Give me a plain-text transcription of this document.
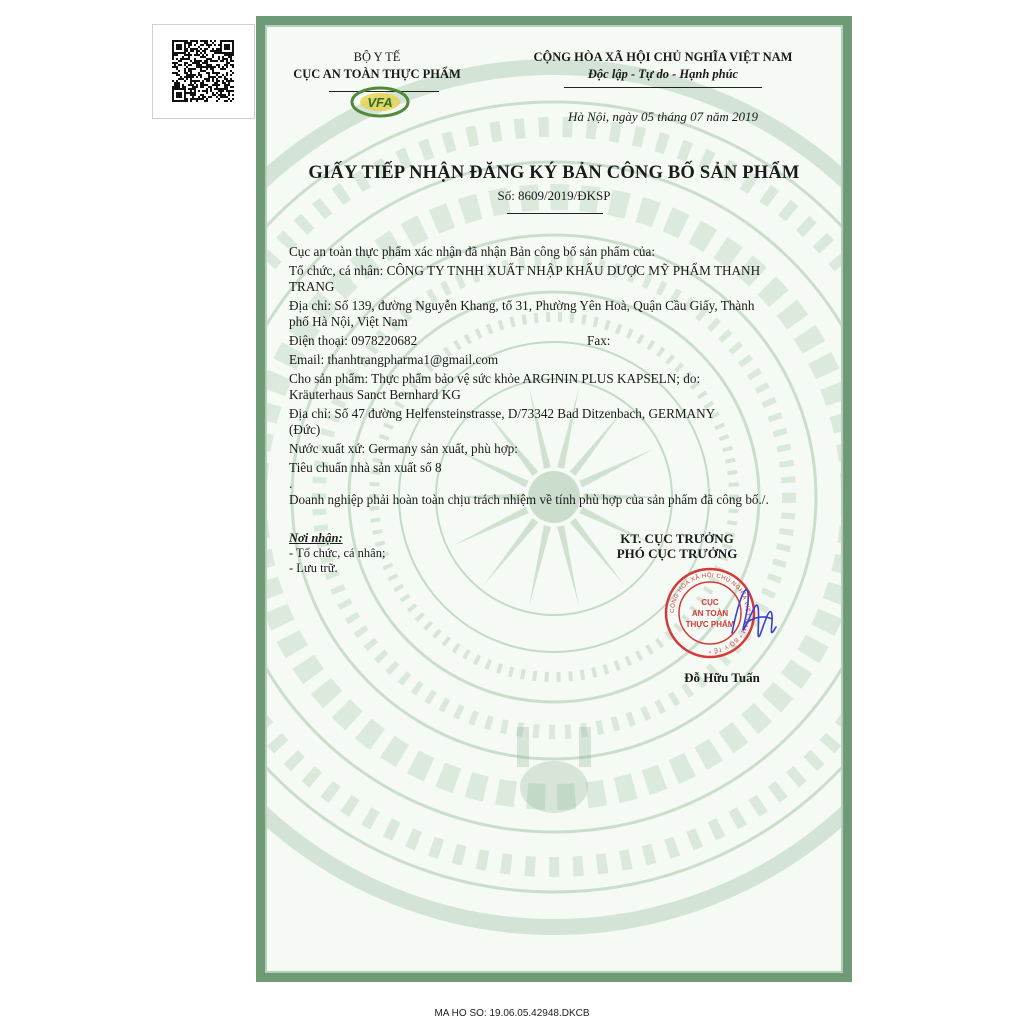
BỘ Y TẾ
CỤC AN TOÀN THỰC PHẨM
VFA
CỘNG HÒA XÃ HỘI CHỦ NGHĨA VIỆT NAM
Độc lập - Tự do - Hạnh phúc
Hà Nội, ngày 05 tháng 07 năm 2019
GIẤY TIẾP NHẬN ĐĂNG KÝ BẢN CÔNG BỐ SẢN PHẨM
Số: 8609/2019/ĐKSP

Cục an toàn thực phẩm xác nhận đã nhận Bản công bố sản phẩm của:

Tổ chức, cá nhân: CÔNG TY TNHH XUẤT NHẬP KHẨU DƯỢC MỸ PHẨM THANH

TRANG

Địa chỉ: Số 139, đường Nguyễn Khang, tổ 31, Phường Yên Hoà, Quận Cầu Giấy, Thành

phố Hà Nội, Việt Nam

Điện thoại: 0978220682	Fax:

Email: thanhtrangpharma1@gmail.com

Cho sản phẩm: Thực phẩm bảo vệ sức khỏe ARGININ PLUS KAPSELN; do:

Kräuterhaus Sanct Bernhard KG

Địa chỉ: Số 47 đường Helfensteinstrasse, D/73342 Bad Ditzenbach, GERMANY

(Đức)

Nước xuất xứ: Germany sản xuất, phù hợp:

Tiêu chuẩn nhà sản xuất số 8

.

Doanh nghiệp phải hoàn toàn chịu trách nhiệm về tính phù hợp của sản phẩm đã công bố./.

Nơi nhận:
- Tổ chức, cá nhân;
- Lưu trữ.
KT. CỤC TRƯỞNG
PHÓ CỤC TRƯỞNG
CỘNG HÒA XÃ HỘI CHỦ NGHĨA VIỆT NAM * BỘ Y TẾ *
CỤC
AN TOÀN
THỰC PHẨM
Đỗ Hữu Tuấn
MA HO SO: 19.06.05.42948.DKCB
